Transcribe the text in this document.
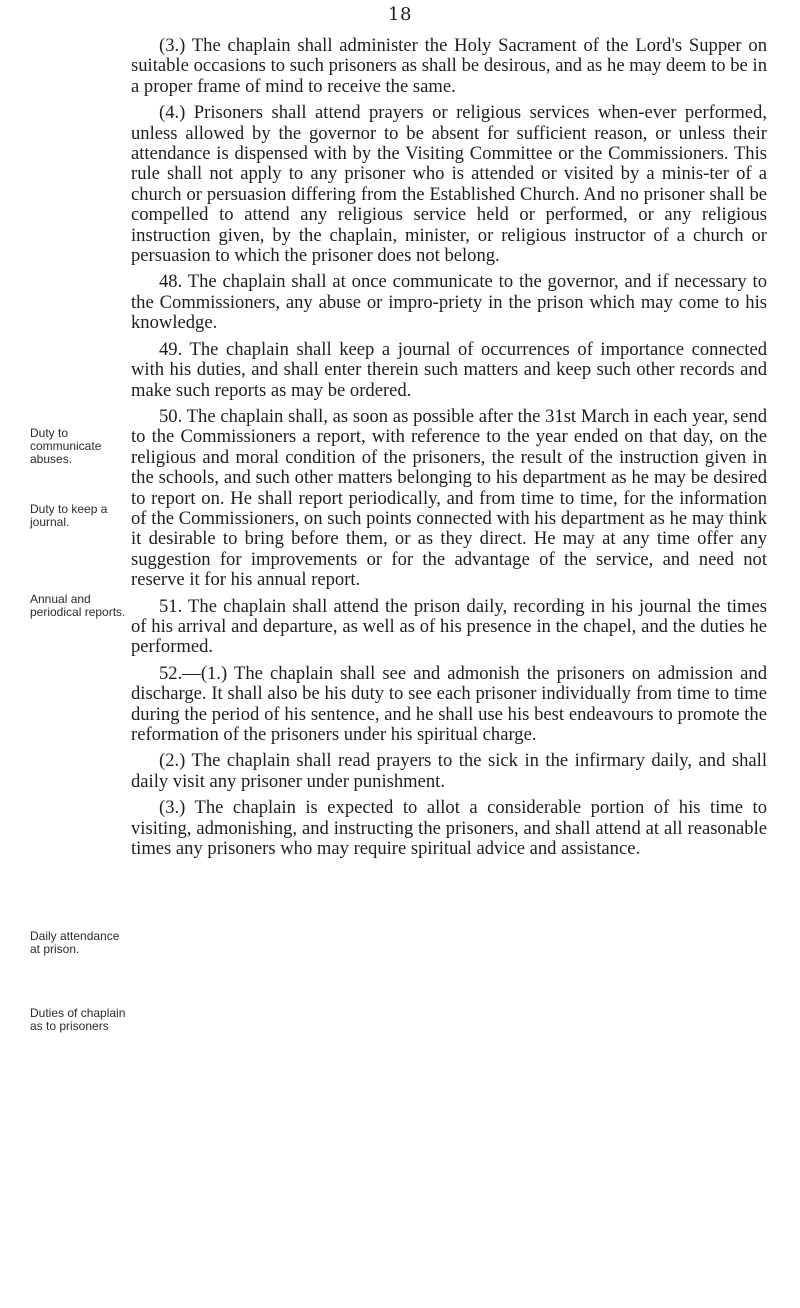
18
Duty to communicate abuses.
Duty to keep a journal.
Annual and periodical reports.
Daily attendance at prison.
Duties of chaplain as to prisoners

(3.) The chaplain shall administer the Holy Sacrament of the Lord's Supper on suitable occasions to such prisoners as shall be desirous, and as he may deem to be in a proper frame of mind to receive the same.

(4.) Prisoners shall attend prayers or religious services when-ever performed, unless allowed by the governor to be absent for sufficient reason, or unless their attendance is dispensed with by the Visiting Committee or the Commissioners. This rule shall not apply to any prisoner who is attended or visited by a minis-ter of a church or persuasion differing from the Established Church. And no prisoner shall be compelled to attend any religious service held or performed, or any religious instruction given, by the chaplain, minister, or religious instructor of a church or persuasion to which the prisoner does not belong.

48. The chaplain shall at once communicate to the governor, and if necessary to the Commissioners, any abuse or impro-priety in the prison which may come to his knowledge.

49. The chaplain shall keep a journal of occurrences of importance connected with his duties, and shall enter therein such matters and keep such other records and make such reports as may be ordered.

50. The chaplain shall, as soon as possible after the 31st March in each year, send to the Commissioners a report, with reference to the year ended on that day, on the religious and moral condition of the prisoners, the result of the instruction given in the schools, and such other matters belonging to his department as he may be desired to report on. He shall report periodically, and from time to time, for the information of the Commissioners, on such points connected with his department as he may think it desirable to bring before them, or as they direct. He may at any time offer any suggestion for improvements or for the advantage of the service, and need not reserve it for his annual report.

51. The chaplain shall attend the prison daily, recording in his journal the times of his arrival and departure, as well as of his presence in the chapel, and the duties he performed.

52.—(1.) The chaplain shall see and admonish the prisoners on admission and discharge. It shall also be his duty to see each prisoner individually from time to time during the period of his sentence, and he shall use his best endeavours to promote the reformation of the prisoners under his spiritual charge.

(2.) The chaplain shall read prayers to the sick in the infirmary daily, and shall daily visit any prisoner under punishment.

(3.) The chaplain is expected to allot a considerable portion of his time to visiting, admonishing, and instructing the prisoners, and shall attend at all reasonable times any prisoners who may require spiritual advice and assistance.
